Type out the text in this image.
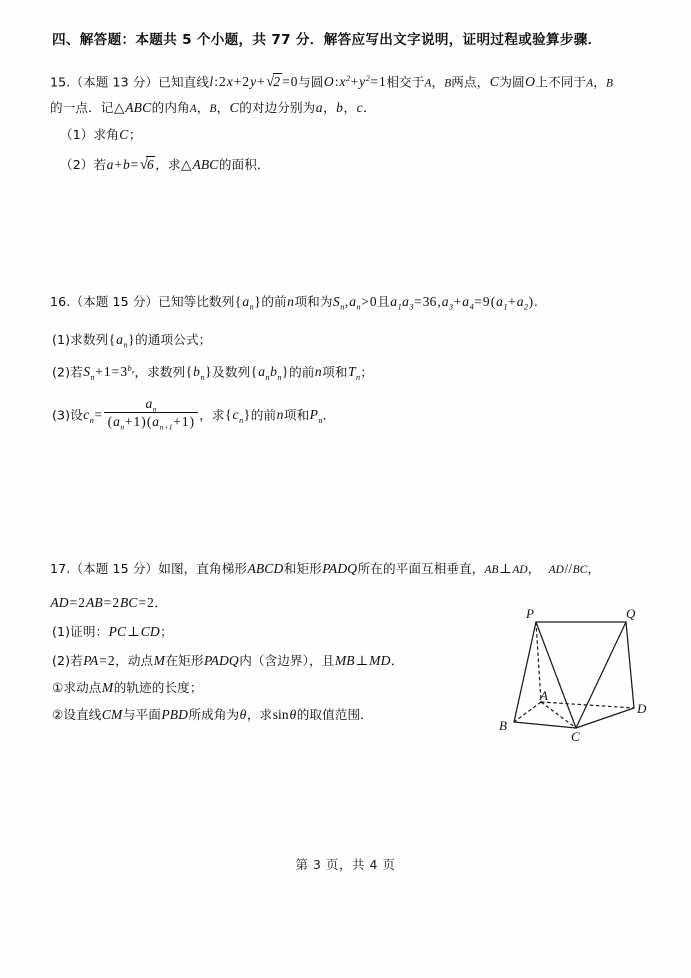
四、解答题：本题共 5 个小题，共 77 分．解答应写出文字说明，证明过程或验算步骤．
15.（本题 13 分）已知直线l:2x+2y+ √2 =0与圆$O:x^2+y^2=1$相交于A，B两点，C为圆O上不同于A，B
的一点．记△ABC的内角A，B，C的对边分别为a，b，c．
（1）求角C；
（2）若a+b= √6 ，求△ABC的面积．
16.（本题 15 分）已知等比数列$\{a_n\}$的前n项和为$S_n,a_n>0$且$a_1a_3=36,a_3+a_4=9(a_1+a_2)$.
(1)求数列$\{a_n\}$的通项公式；
(2)若$S_n+1=3^{b_n}$，求数列$\{b_n\}$及数列$\{a_nb_n\}$的前n项和$T_n$；
(3)设$c_n= \frac{a_n}{(a_n+1)(a_{n+1}+1)}$ ，求$\{c_n\}$的前n项和$P_n$．
17.（本题 15 分）如图，直角梯形ABCD和矩形PADQ所在的平面互相垂直，AB⊥AD，  AD//BC，
AD=2AB=2BC=2．
(1)证明：PC⊥CD；
(2)若PA=2，动点M在矩形PADQ内（含边界），且MB⊥MD．
①求动点M的轨迹的长度；
②设直线CM与平面PBD所成角为θ，求sinθ的取值范围．
P	Q
A
B
C
D
第 3 页，共 4 页
